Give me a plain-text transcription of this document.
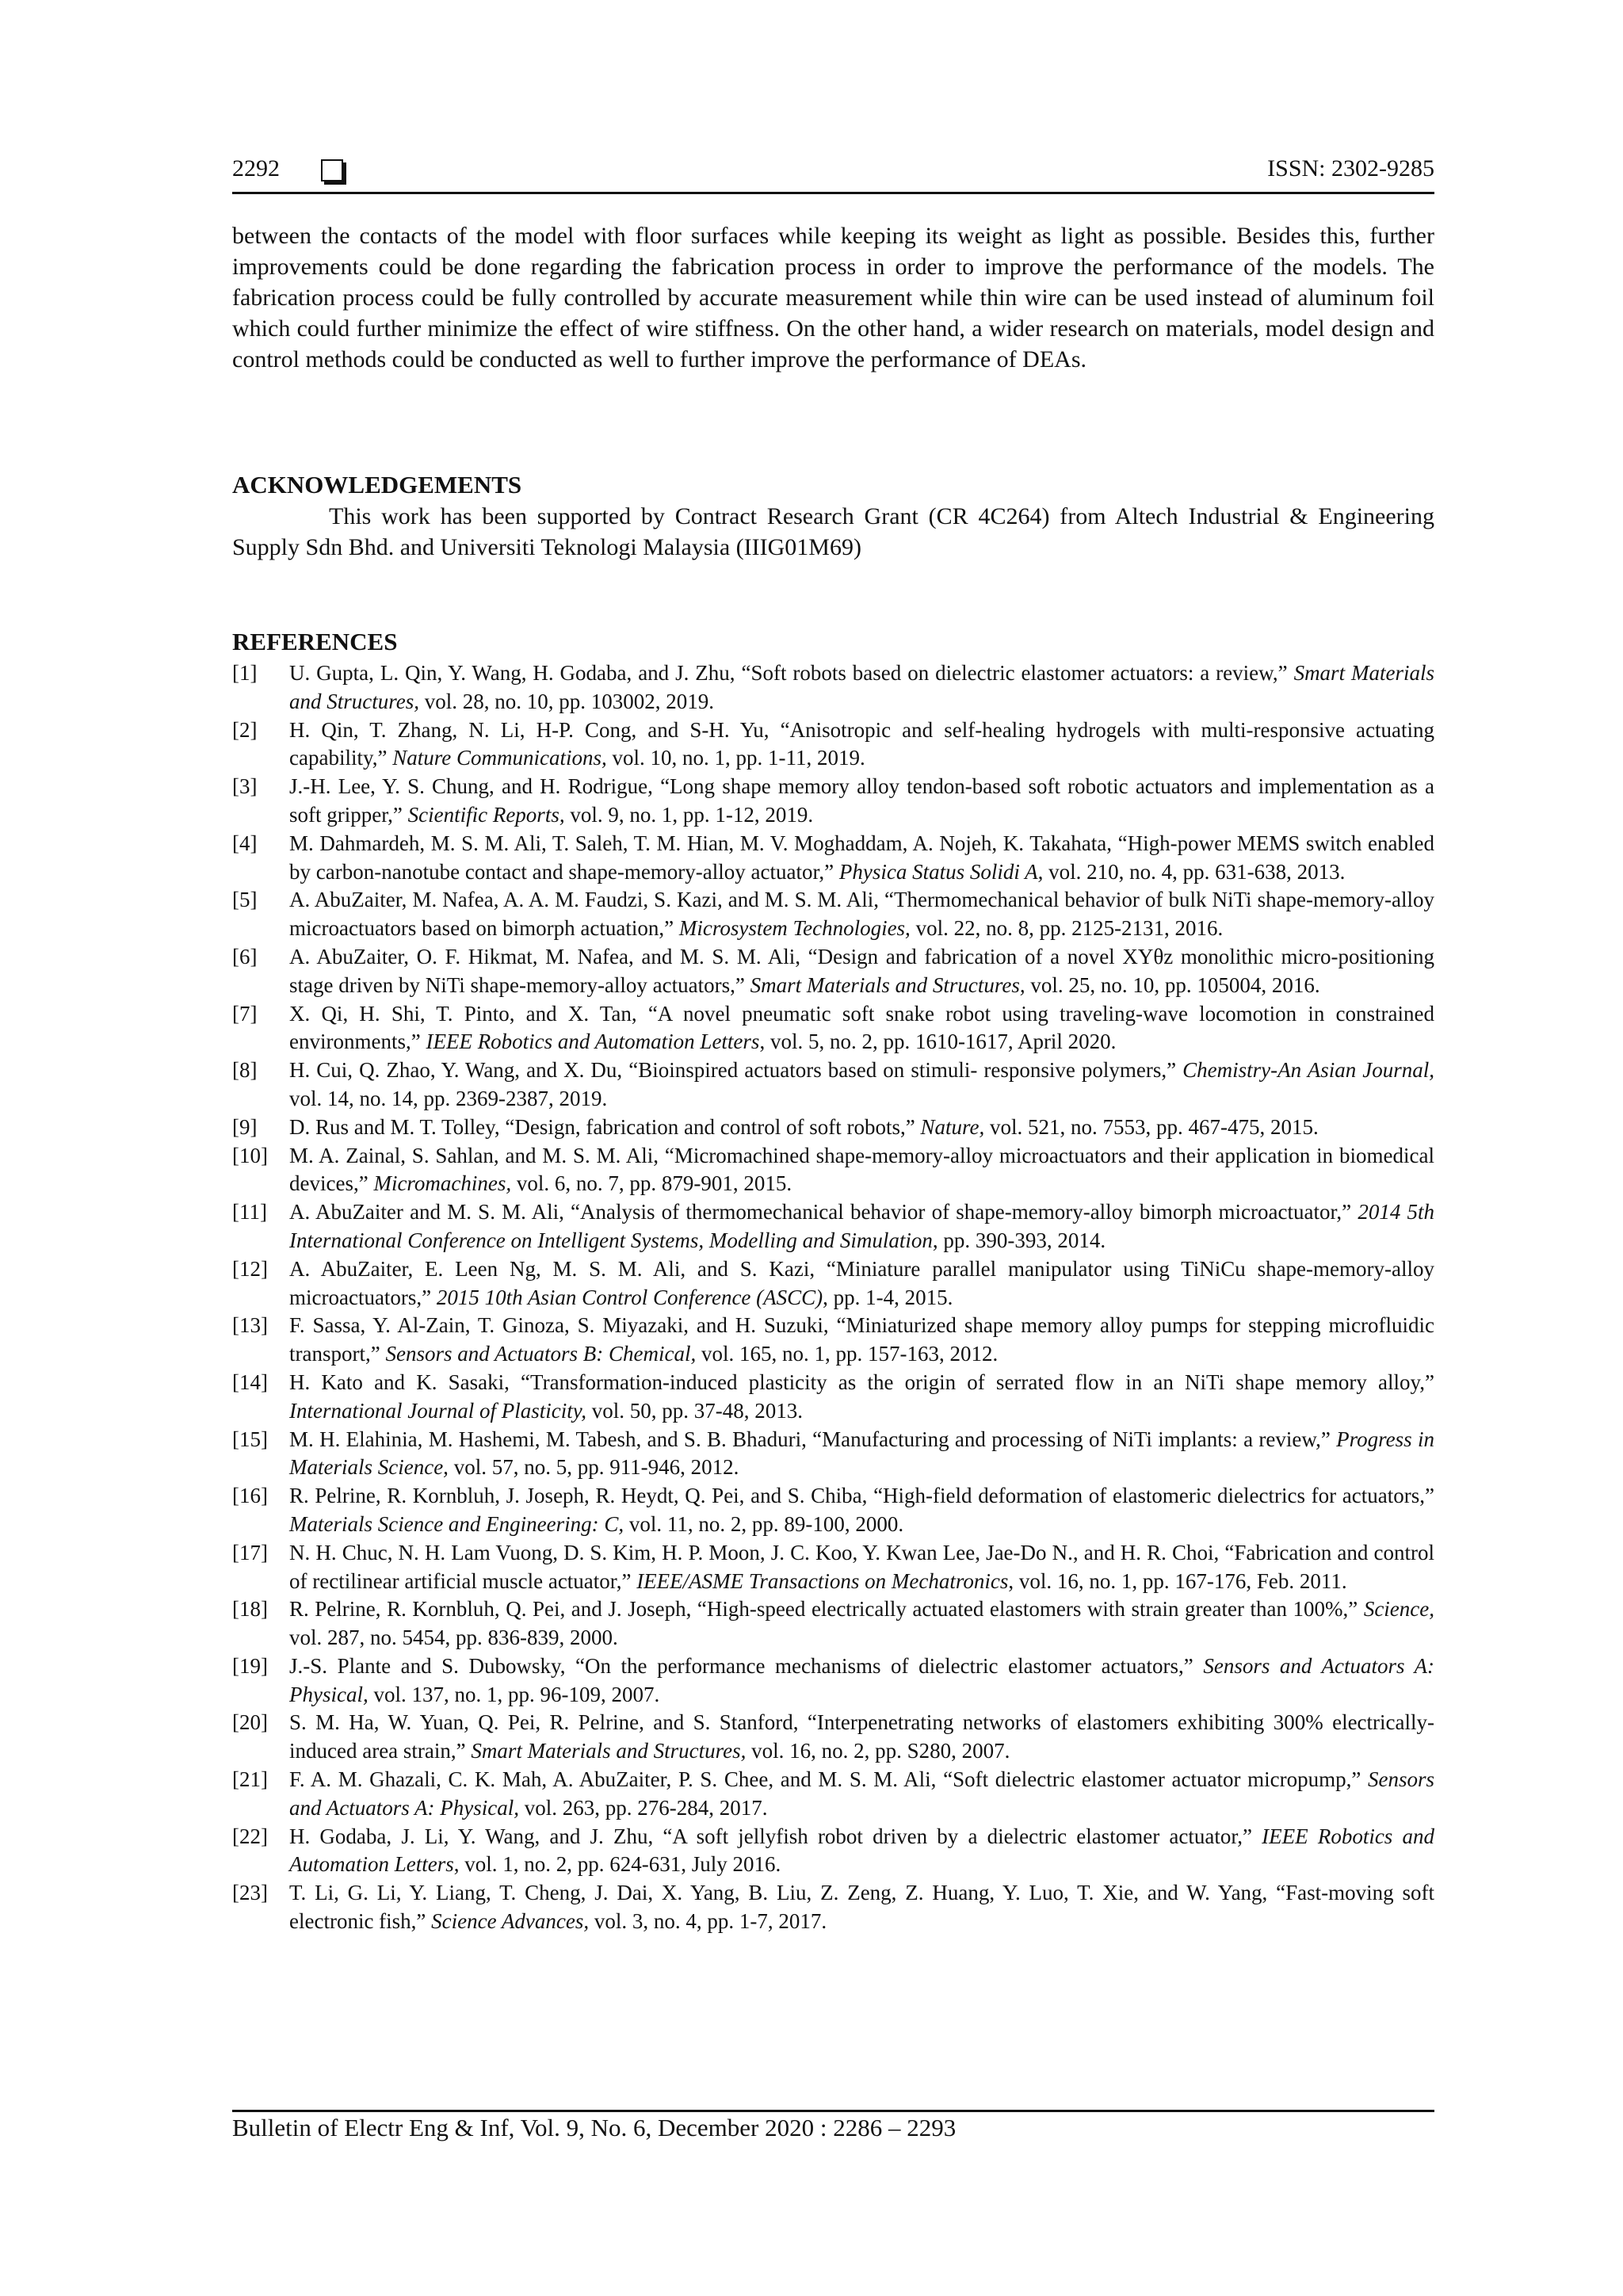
2292	ISSN: 2302-9285

between the contacts of the model with floor surfaces while keeping its weight as light as possible. Besides this, further improvements could be done regarding the fabrication process in order to improve the performance of the models. The fabrication process could be fully controlled by accurate measurement while thin wire can be used instead of aluminum foil which could further minimize the effect of wire stiffness. On the other hand, a wider research on materials, model design and control methods could be conducted as well to further improve the performance of DEAs.

ACKNOWLEDGEMENTS

This work has been supported by Contract Research Grant (CR 4C264) from Altech Industrial & Engineering Supply Sdn Bhd. and Universiti Teknologi Malaysia (IIIG01M69)

REFERENCES
[1]	U. Gupta, L. Qin, Y. Wang, H. Godaba, and J. Zhu, “Soft robots based on dielectric elastomer actuators: a review,” Smart Materials and Structures, vol. 28, no. 10, pp. 103002, 2019.
[2]	H. Qin, T. Zhang, N. Li, H-P. Cong, and S-H. Yu, “Anisotropic and self-healing hydrogels with multi-responsive actuating capability,” Nature Communications, vol. 10, no. 1, pp. 1-11, 2019.
[3]	J.-H. Lee, Y. S. Chung, and H. Rodrigue, “Long shape memory alloy tendon-based soft robotic actuators and implementation as a soft gripper,” Scientific Reports, vol. 9, no. 1, pp. 1-12, 2019.
[4]	M. Dahmardeh, M. S. M. Ali, T. Saleh, T. M. Hian, M. V. Moghaddam, A. Nojeh, K. Takahata, “High-power MEMS switch enabled by carbon-nanotube contact and shape-memory-alloy actuator,” Physica Status Solidi A, vol. 210, no. 4, pp. 631-638, 2013.
[5]	A. AbuZaiter, M. Nafea, A. A. M. Faudzi, S. Kazi, and M. S. M. Ali, “Thermomechanical behavior of bulk NiTi shape-memory-alloy microactuators based on bimorph actuation,” Microsystem Technologies, vol. 22, no. 8, pp. 2125-2131, 2016.
[6]	A. AbuZaiter, O. F. Hikmat, M. Nafea, and M. S. M. Ali, “Design and fabrication of a novel XYθz monolithic micro-positioning stage driven by NiTi shape-memory-alloy actuators,” Smart Materials and Structures, vol. 25, no. 10, pp. 105004, 2016.
[7]	X. Qi, H. Shi, T. Pinto, and X. Tan, “A novel pneumatic soft snake robot using traveling-wave locomotion in constrained environments,” IEEE Robotics and Automation Letters, vol. 5, no. 2, pp. 1610-1617, April 2020.
[8]	H. Cui, Q. Zhao, Y. Wang, and X. Du, “Bioinspired actuators based on stimuli- responsive polymers,” Chemistry-An Asian Journal, vol. 14, no. 14, pp. 2369-2387, 2019.
[9]	D. Rus and M. T. Tolley, “Design, fabrication and control of soft robots,” Nature, vol. 521, no. 7553, pp. 467-475, 2015.
[10]	M. A. Zainal, S. Sahlan, and M. S. M. Ali, “Micromachined shape-memory-alloy microactuators and their application in biomedical devices,” Micromachines, vol. 6, no. 7, pp. 879-901, 2015.
[11]	A. AbuZaiter and M. S. M. Ali, “Analysis of thermomechanical behavior of shape-memory-alloy bimorph microactuator,” 2014 5th International Conference on Intelligent Systems, Modelling and Simulation, pp. 390-393, 2014.
[12]	A. AbuZaiter, E. Leen Ng, M. S. M. Ali, and S. Kazi, “Miniature parallel manipulator using TiNiCu shape-memory-alloy microactuators,” 2015 10th Asian Control Conference (ASCC), pp. 1-4, 2015.
[13]	F. Sassa, Y. Al-Zain, T. Ginoza, S. Miyazaki, and H. Suzuki, “Miniaturized shape memory alloy pumps for stepping microfluidic transport,” Sensors and Actuators B: Chemical, vol. 165, no. 1, pp. 157-163, 2012.
[14]	H. Kato and K. Sasaki, “Transformation-induced plasticity as the origin of serrated flow in an NiTi shape memory alloy,” International Journal of Plasticity, vol. 50, pp. 37-48, 2013.
[15]	M. H. Elahinia, M. Hashemi, M. Tabesh, and S. B. Bhaduri, “Manufacturing and processing of NiTi implants: a review,” Progress in Materials Science, vol. 57, no. 5, pp. 911-946, 2012.
[16]	R. Pelrine, R. Kornbluh, J. Joseph, R. Heydt, Q. Pei, and S. Chiba, “High-field deformation of elastomeric dielectrics for actuators,” Materials Science and Engineering: C, vol. 11, no. 2, pp. 89-100, 2000.
[17]	N. H. Chuc, N. H. Lam Vuong, D. S. Kim, H. P. Moon, J. C. Koo, Y. Kwan Lee, Jae-Do N., and H. R. Choi, “Fabrication and control of rectilinear artificial muscle actuator,” IEEE/ASME Transactions on Mechatronics, vol. 16, no. 1, pp. 167-176, Feb. 2011.
[18]	R. Pelrine, R. Kornbluh, Q. Pei, and J. Joseph, “High-speed electrically actuated elastomers with strain greater than 100%,” Science, vol. 287, no. 5454, pp. 836-839, 2000.
[19]	J.-S. Plante and S. Dubowsky, “On the performance mechanisms of dielectric elastomer actuators,” Sensors and Actuators A: Physical, vol. 137, no. 1, pp. 96-109, 2007.
[20]	S. M. Ha, W. Yuan, Q. Pei, R. Pelrine, and S. Stanford, “Interpenetrating networks of elastomers exhibiting 300% electrically-induced area strain,” Smart Materials and Structures, vol. 16, no. 2, pp. S280, 2007.
[21]	F. A. M. Ghazali, C. K. Mah, A. AbuZaiter, P. S. Chee, and M. S. M. Ali, “Soft dielectric elastomer actuator micropump,” Sensors and Actuators A: Physical, vol. 263, pp. 276-284, 2017.
[22]	H. Godaba, J. Li, Y. Wang, and J. Zhu, “A soft jellyfish robot driven by a dielectric elastomer actuator,” IEEE Robotics and Automation Letters, vol. 1, no. 2, pp. 624-631, July 2016.
[23]	T. Li, G. Li, Y. Liang, T. Cheng, J. Dai, X. Yang, B. Liu, Z. Zeng, Z. Huang, Y. Luo, T. Xie, and W. Yang, “Fast-moving soft electronic fish,” Science Advances, vol. 3, no. 4, pp. 1-7, 2017.
Bulletin of Electr Eng & Inf, Vol. 9, No. 6, December 2020 : 2286 – 2293
